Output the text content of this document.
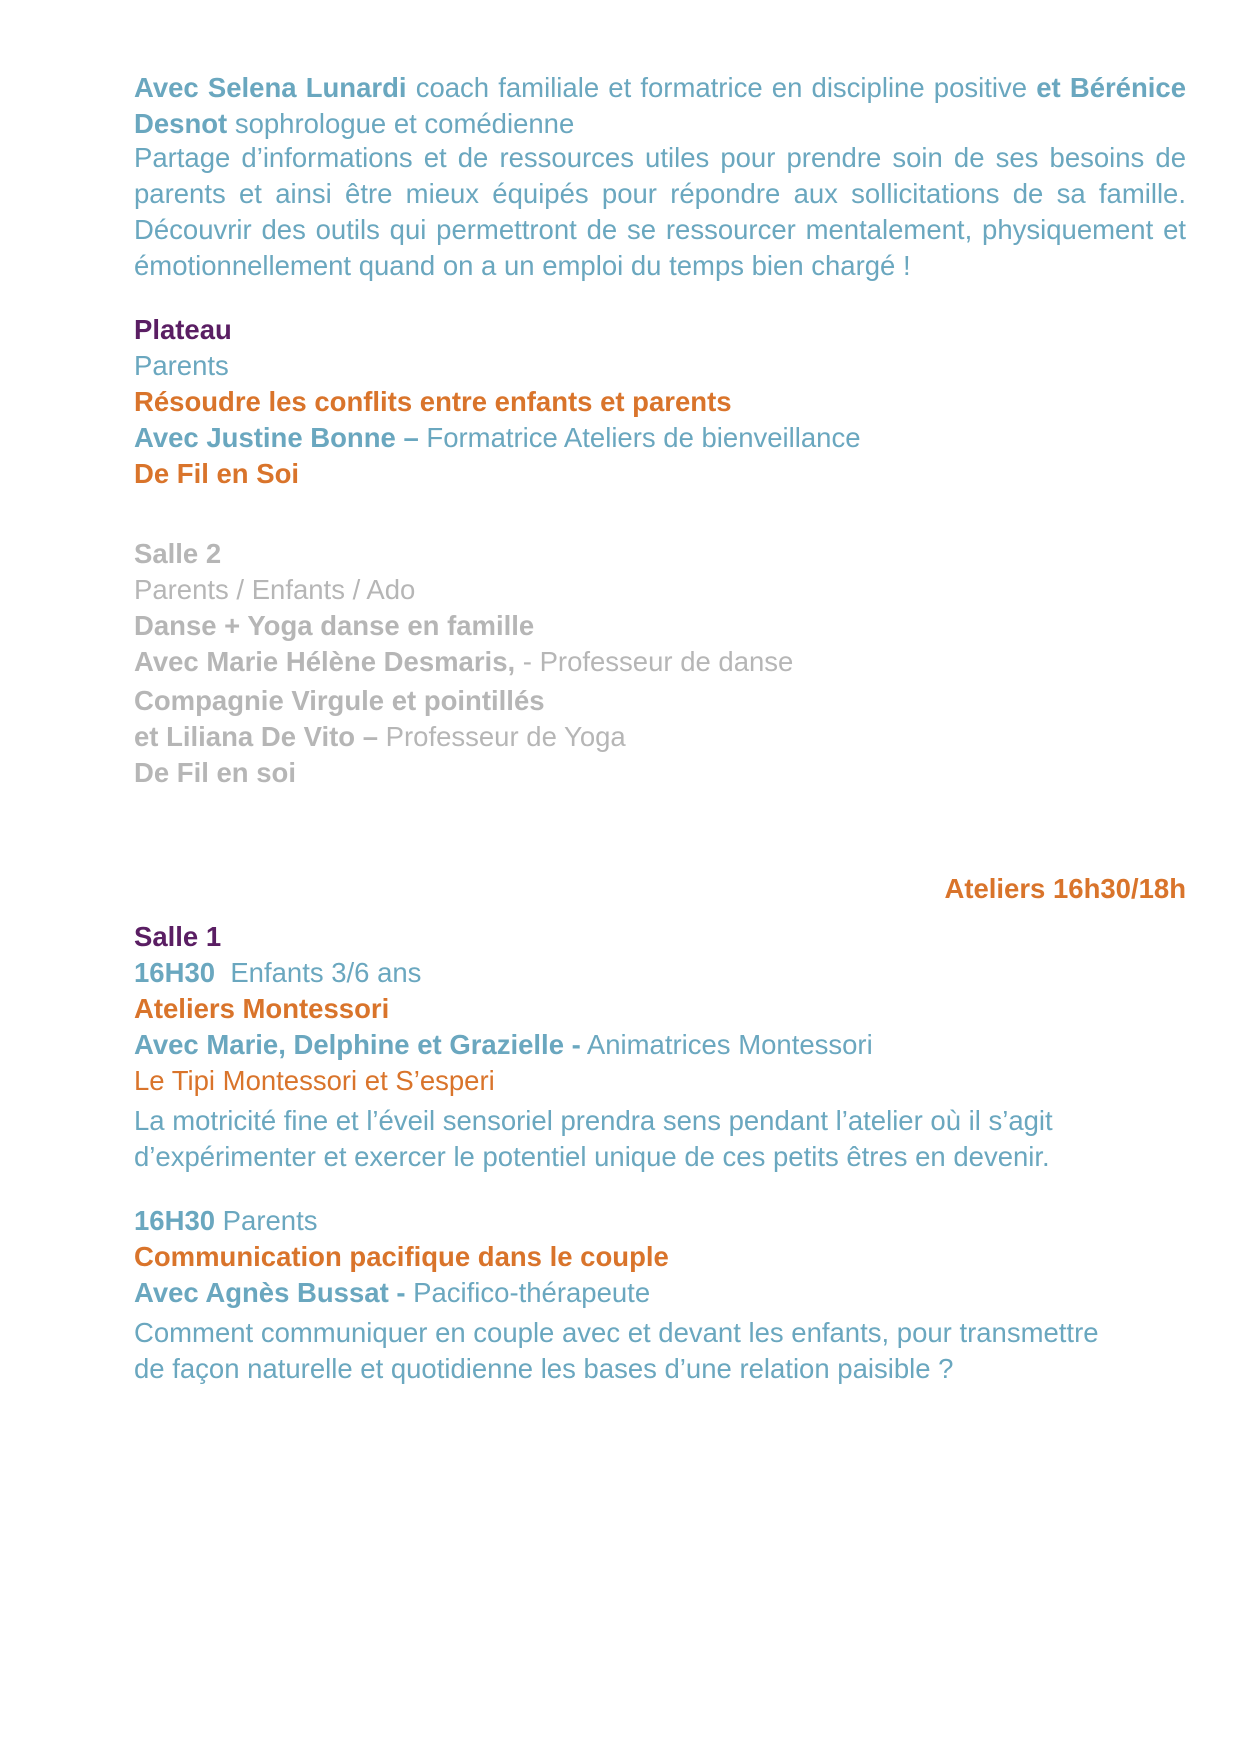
Avec Selena Lunardi coach familiale et formatrice en discipline positive et Bérénice Desnot sophrologue et comédienne

Partage d’informations et de ressources utiles pour prendre soin de ses besoins de parents et ainsi être mieux équipés pour répondre aux sollicitations de sa famille. Découvrir des outils qui permettront de se ressourcer mentalement, physiquement et émotionnellement quand on a un emploi du temps bien chargé !

Plateau

Parents

Résoudre les conflits entre enfants et parents

Avec Justine Bonne – Formatrice Ateliers de bienveillance

De Fil en Soi

Salle 2

Parents / Enfants / Ado

Danse + Yoga danse en famille

Avec Marie Hélène Desmaris, - Professeur de danse

Compagnie Virgule et pointillés

et Liliana De Vito – Professeur de Yoga

De Fil en soi

Ateliers 16h30/18h

Salle 1

16H30  Enfants 3/6 ans

Ateliers Montessori

Avec Marie, Delphine et Grazielle - Animatrices Montessori

Le Tipi Montessori et S’esperi

La motricité fine et l’éveil sensoriel prendra sens pendant l’atelier où il s’agit d’expérimenter et exercer le potentiel unique de ces petits êtres en devenir.

16H30 Parents

Communication pacifique dans le couple

Avec Agnès Bussat - Pacifico-thérapeute

Comment communiquer en couple avec et devant les enfants, pour transmettre de façon naturelle et quotidienne les bases d’une relation paisible ?
